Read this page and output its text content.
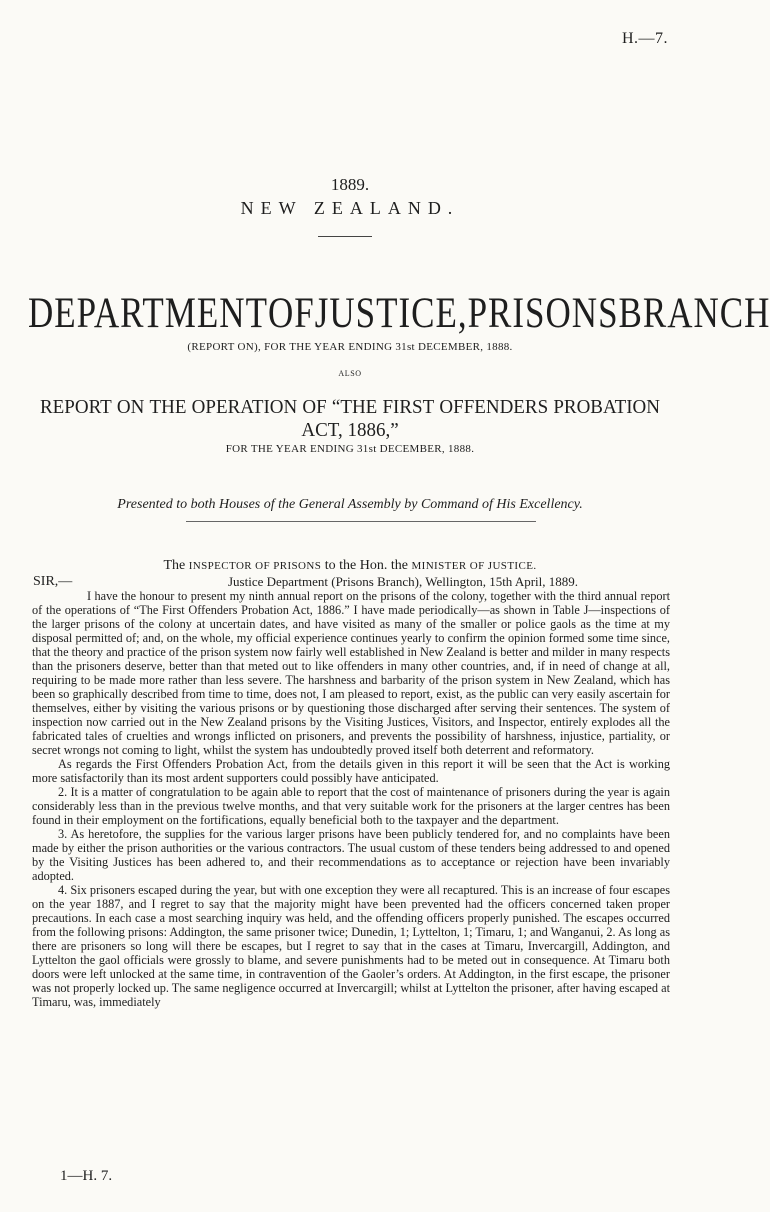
H.—7.
1889.
NEW ZEALAND.
DEPARTMENT OF JUSTICE, PRISONS BRANCH
(REPORT ON), FOR THE YEAR ENDING 31st DECEMBER, 1888.
ALSO
REPORT ON THE OPERATION OF “THE FIRST OFFENDERS PROBATION
ACT, 1886,”
FOR THE YEAR ENDING 31st DECEMBER, 1888.
Presented to both Houses of the General Assembly by Command of His Excellency.
The INSPECTOR OF PRISONS to the Hon. the MINISTER OF JUSTICE.
SIR,—	Justice Department (Prisons Branch), Wellington, 15th April, 1889.

I have the honour to present my ninth annual report on the prisons of the colony, together with the third annual report of the operations of “The First Offenders Probation Act, 1886.” I have made periodically—as shown in Table J—inspections of the larger prisons of the colony at uncertain dates, and have visited as many of the smaller or police gaols as the time at my disposal permitted of; and, on the whole, my official experience continues yearly to confirm the opinion formed some time since, that the theory and practice of the prison system now fairly well established in New Zealand is better and milder in many respects than the prisoners deserve, better than that meted out to like offenders in many other countries, and, if in need of change at all, requiring to be made more rather than less severe. The harshness and barbarity of the prison system in New Zealand, which has been so graphically described from time to time, does not, I am pleased to report, exist, as the public can very easily ascertain for themselves, either by visiting the various prisons or by questioning those discharged after serving their sentences. The system of inspection now carried out in the New Zealand prisons by the Visiting Justices, Visitors, and Inspector, entirely explodes all the fabricated tales of cruelties and wrongs inflicted on prisoners, and prevents the possibility of harshness, injustice, partiality, or secret wrongs not coming to light, whilst the system has undoubtedly proved itself both deterrent and reformatory.

As regards the First Offenders Probation Act, from the details given in this report it will be seen that the Act is working more satisfactorily than its most ardent supporters could possibly have anticipated.

2. It is a matter of congratulation to be again able to report that the cost of maintenance of prisoners during the year is again considerably less than in the previous twelve months, and that very suitable work for the prisoners at the larger centres has been found in their employment on the fortifications, equally beneficial both to the taxpayer and the department.

3. As heretofore, the supplies for the various larger prisons have been publicly tendered for, and no complaints have been made by either the prison authorities or the various contractors. The usual custom of these tenders being addressed to and opened by the Visiting Justices has been adhered to, and their recommendations as to acceptance or rejection have been invariably adopted.

4. Six prisoners escaped during the year, but with one exception they were all recaptured. This is an increase of four escapes on the year 1887, and I regret to say that the majority might have been prevented had the officers concerned taken proper precautions. In each case a most searching inquiry was held, and the offending officers properly punished. The escapes occurred from the following prisons: Addington, the same prisoner twice; Dunedin, 1; Lyttelton, 1; Timaru, 1; and Wanganui, 2. As long as there are prisoners so long will there be escapes, but I regret to say that in the cases at Timaru, Invercargill, Addington, and Lyttelton the gaol officials were grossly to blame, and severe punishments had to be meted out in consequence. At Timaru both doors were left unlocked at the same time, in contravention of the Gaoler’s orders. At Addington, in the first escape, the prisoner was not properly locked up. The same negligence occurred at Invercargill; whilst at Lyttelton the prisoner, after having escaped at Timaru, was, immediately

1—H. 7.
